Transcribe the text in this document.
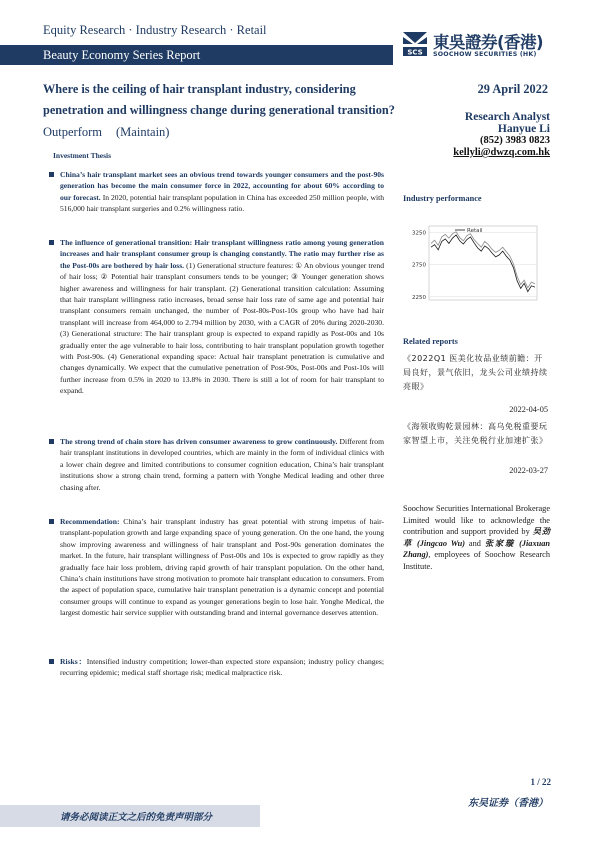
Equity Research · Industry Research · Retail
Beauty Economy Series Report	SCS
東吳證券(香港)
SOOCHOW SECURITIES (HK)
Where is the ceiling of hair transplant industry, considering
penetration and willingness change during generational transition?
Outperform (Maintain)
29 April 2022
Research Analyst
Hanyue Li
(852) 3983 0823
kellyli@dwzq.com.hk
Investment Thesis
China’s hair transplant market sees an obvious trend towards younger consumers and the post-90s generation has become the main consumer force in 2022, accounting for about 60% according to our forecast. In 2020, potential hair transplant population in China has exceeded 250 million people, with 516,000 hair transplant surgeries and 0.2% willingness ratio.
The influence of generational transition: Hair transplant willingness ratio among young generation increases and hair transplant consumer group is changing constantly. The ratio may further rise as the Post-00s are bothered by hair loss. (1) Generational structure features: ① An obvious younger trend of hair loss; ② Potential hair transplant consumers tends to be younger; ③ Younger generation shows higher awareness and willingness for hair transplant. (2) Generational transition calculation: Assuming that hair transplant willingness ratio increases, broad sense hair loss rate of same age and potential hair transplant consumers remain unchanged, the number of Post-80s-Post-10s group who have had hair transplant will increase from 464,000 to 2.794 million by 2030, with a CAGR of 20% during 2020-2030. (3) Generational structure: The hair transplant group is expected to expand rapidly as Post-00s and 10s gradually enter the age vulnerable to hair loss, contributing to hair transplant population growth together with Post-90s. (4) Generational expanding space: Actual hair transplant penetration is cumulative and changes dynamically. We expect that the cumulative penetration of Post-90s, Post-00s and Post-10s will further increase from 0.5% in 2020 to 13.8% in 2030. There is still a lot of room for hair transplant to expand.
The strong trend of chain store has driven consumer awareness to grow continuously. Different from hair transplant institutions in developed countries, which are mainly in the form of individual clinics with a lower chain degree and limited contributions to consumer cognition education, China’s hair transplant institutions show a strong chain trend, forming a pattern with Yonghe Medical leading and other three chasing after.
Recommendation: China’s hair transplant industry has great potential with strong impetus of hair-transplant-population growth and large expanding space of young generation. On the one hand, the young show improving awareness and willingness of hair transplant and Post-90s generation dominates the market. In the future, hair transplant willingness of Post-00s and 10s is expected to grow rapidly as they gradually face hair loss problem, driving rapid growth of hair transplant population. On the other hand, China’s chain institutions have strong motivation to promote hair transplant education to consumers. From the aspect of population space, cumulative hair transplant penetration is a dynamic concept and potential consumer groups will continue to expand as younger generations begin to lose hair. Yonghe Medical, the largest domestic hair service supplier with outstanding brand and internal governance deserves attention.
Risks：Intensified industry competition; lower-than expected store expansion; industry policy changes; recurring epidemic; medical staff shortage risk; medical malpractice risk.
Industry performance
3250
2750
2250
Retail
Related reports
《2022Q1 医美化妆品业绩前瞻：开局良好，景气依旧，龙头公司业绩持续亮眼》
2022-04-05
《海领收购乾景园林：高乌免税重要玩家智望上市，关注免税行业加速扩张》
2022-03-27
Soochow Securities International Brokerage Limited would like to acknowledge the contribution and support provided by 吴劲草 (Jingcao Wu) and 张家璇 (Jiaxuan Zhang), employees of Soochow Research Institute.
1 / 22
东吴证券（香港）
请务必阅读正文之后的免责声明部分
